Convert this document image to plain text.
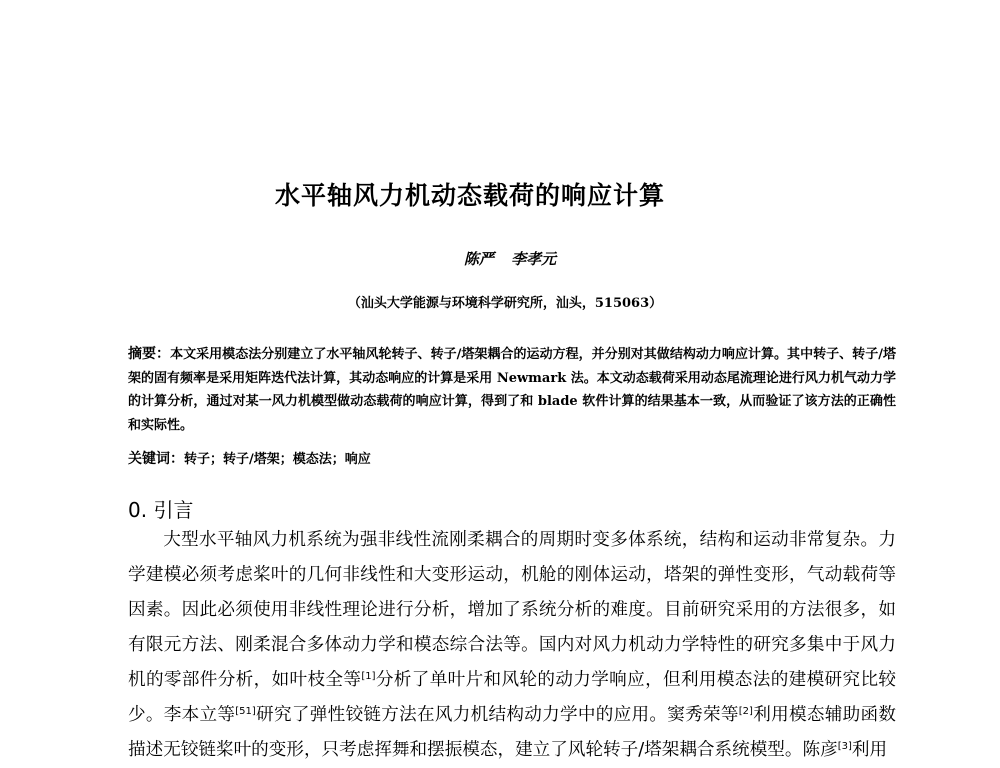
水平轴风力机动态载荷的响应计算

陈严 李孝元

（汕头大学能源与环境科学研究所，汕头，515063）

摘要：本文采用模态法分别建立了水平轴风轮转子、转子/塔架耦合的运动方程，并分别对其做结构动力响应计算。其中转子、转子/塔架的固有频率是采用矩阵迭代法计算，其动态响应的计算是采用 Newmark 法。本文动态载荷采用动态尾流理论进行风力机气动力学的计算分析，通过对某一风力机模型做动态载荷的响应计算，得到了和 blade 软件计算的结果基本一致，从而验证了该方法的正确性和实际性。

关键词：转子；转子/塔架；模态法；响应

0. 引言

大型水平轴风力机系统为强非线性流刚柔耦合的周期时变多体系统，结构和运动非常复杂。力学建模必须考虑桨叶的几何非线性和大变形运动，机舱的刚体运动，塔架的弹性变形，气动载荷等因素。因此必须使用非线性理论进行分析，增加了系统分析的难度。目前研究采用的方法很多，如有限元方法、刚柔混合多体动力学和模态综合法等。国内对风力机动力学特性的研究多集中于风力机的零部件分析，如叶枝全等[1]分析了单叶片和风轮的动力学响应，但利用模态法的建模研究比较少。李本立等[51]研究了弹性铰链方法在风力机结构动力学中的应用。窦秀荣等[2]利用模态辅助函数描述无铰链桨叶的变形，只考虑挥舞和摆振模态，建立了风轮转子/塔架耦合系统模型。陈彦[3]利用
